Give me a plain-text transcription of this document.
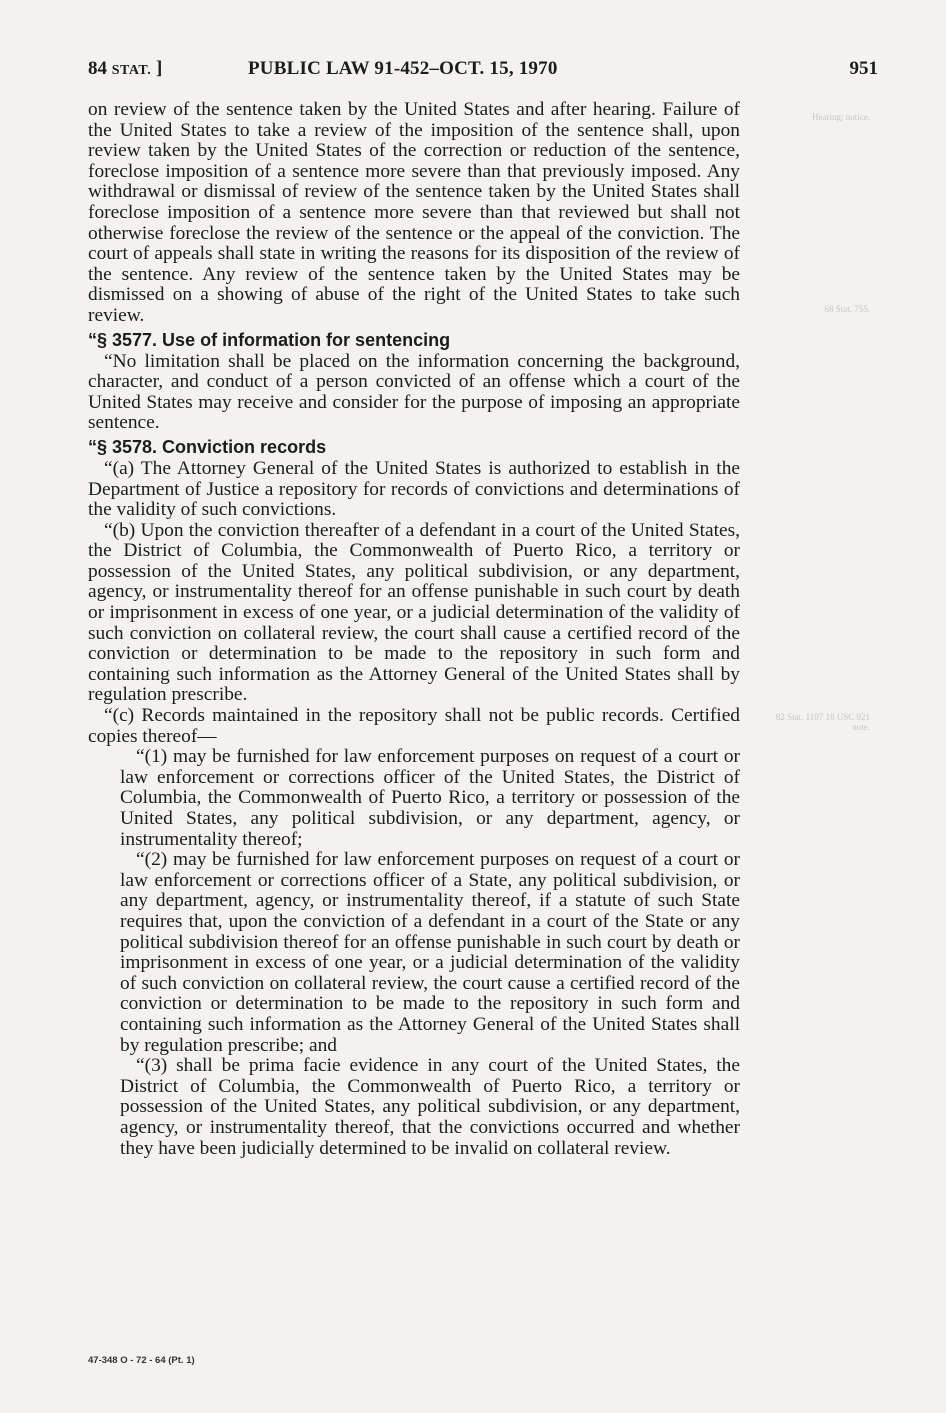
84 STAT. ]	PUBLIC LAW 91-452–OCT. 15, 1970	951
Hearing; notice.
68 Stat. 755.
82 Stat. 1107 18 USC 921 note.

on review of the sentence taken by the United States and after hearing. Failure of the United States to take a review of the imposition of the sentence shall, upon review taken by the United States of the correction or reduction of the sentence, foreclose imposition of a sentence more severe than that previously imposed. Any withdrawal or dismissal of review of the sentence taken by the United States shall foreclose imposition of a sentence more severe than that reviewed but shall not otherwise foreclose the review of the sentence or the appeal of the conviction. The court of appeals shall state in writing the reasons for its disposition of the review of the sentence. Any review of the sentence taken by the United States may be dismissed on a showing of abuse of the right of the United States to take such review.

“§ 3577. Use of information for sentencing

“No limitation shall be placed on the information concerning the background, character, and conduct of a person convicted of an offense which a court of the United States may receive and consider for the purpose of imposing an appropriate sentence.

“§ 3578. Conviction records

“(a) The Attorney General of the United States is authorized to establish in the Department of Justice a repository for records of convictions and determinations of the validity of such convictions.

“(b) Upon the conviction thereafter of a defendant in a court of the United States, the District of Columbia, the Commonwealth of Puerto Rico, a territory or possession of the United States, any political subdivision, or any department, agency, or instrumentality thereof for an offense punishable in such court by death or imprisonment in excess of one year, or a judicial determination of the validity of such conviction on collateral review, the court shall cause a certified record of the conviction or determination to be made to the repository in such form and containing such information as the Attorney General of the United States shall by regulation prescribe.

“(c) Records maintained in the repository shall not be public records. Certified copies thereof—

“(1) may be furnished for law enforcement purposes on request of a court or law enforcement or corrections officer of the United States, the District of Columbia, the Commonwealth of Puerto Rico, a territory or possession of the United States, any political subdivision, or any department, agency, or instrumentality thereof;

“(2) may be furnished for law enforcement purposes on request of a court or law enforcement or corrections officer of a State, any political subdivision, or any department, agency, or instrumentality thereof, if a statute of such State requires that, upon the conviction of a defendant in a court of the State or any political subdivision thereof for an offense punishable in such court by death or imprisonment in excess of one year, or a judicial determination of the validity of such conviction on collateral review, the court cause a certified record of the conviction or determination to be made to the repository in such form and containing such information as the Attorney General of the United States shall by regulation prescribe; and

“(3) shall be prima facie evidence in any court of the United States, the District of Columbia, the Commonwealth of Puerto Rico, a territory or possession of the United States, any political subdivision, or any department, agency, or instrumentality thereof, that the convictions occurred and whether they have been judicially determined to be invalid on collateral review.

47-348 O - 72 - 64 (Pt. 1)
